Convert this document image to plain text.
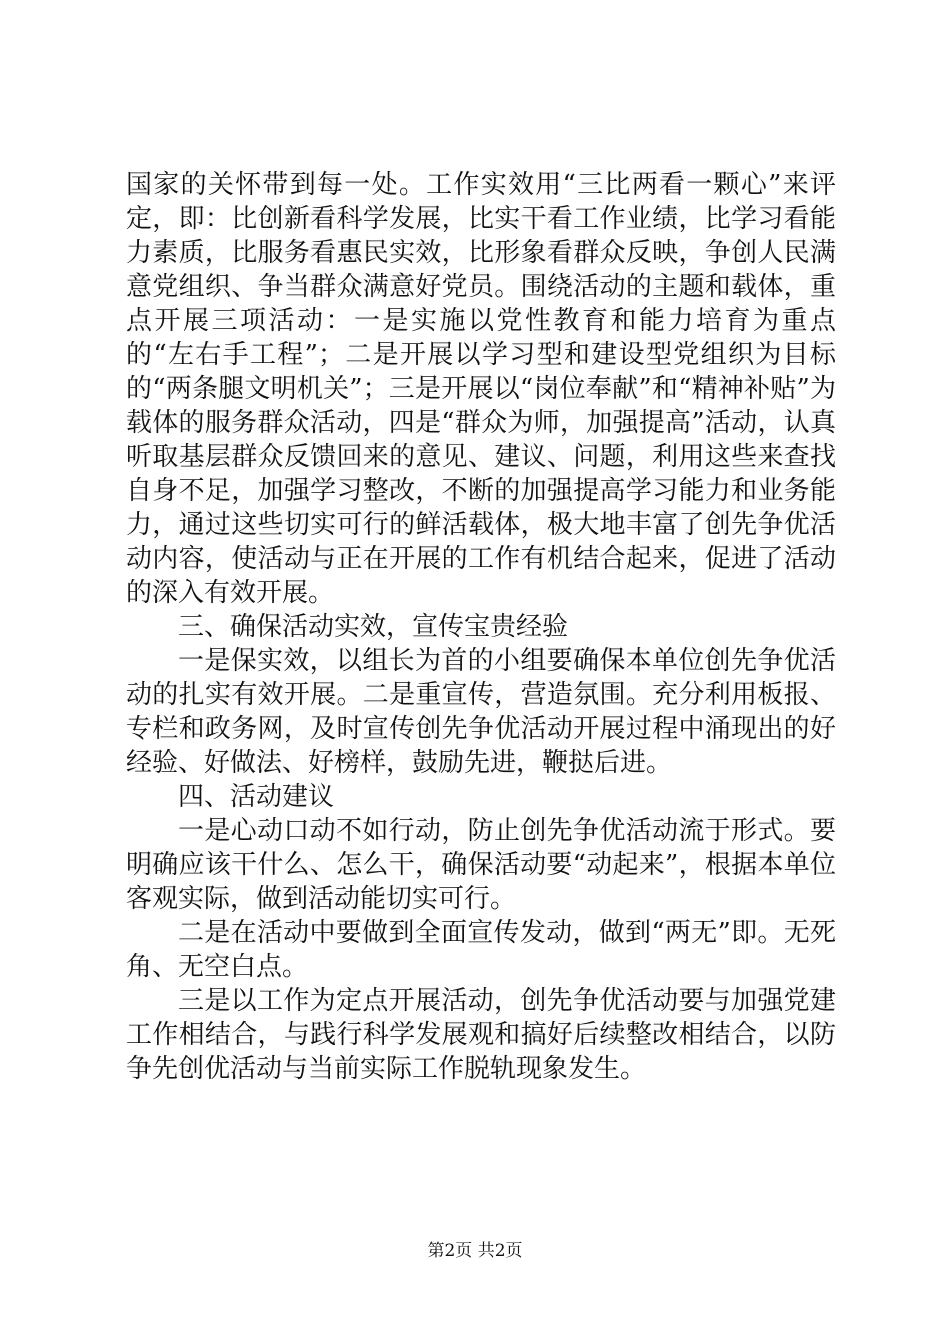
国家的关怀带到每一处。工作实效用“三比两看一颗心”来评定，即：比创新看科学发展，比实干看工作业绩，比学习看能力素质，比服务看惠民实效，比形象看群众反映，争创人民满意党组织、争当群众满意好党员。围绕活动的主题和载体，重点开展三项活动：一是实施以党性教育和能力培育为重点的“左右手工程”；二是开展以学习型和建设型党组织为目标的“两条腿文明机关”；三是开展以“岗位奉献”和“精神补贴”为载体的服务群众活动，四是“群众为师，加强提高”活动，认真听取基层群众反馈回来的意见、建议、问题，利用这些来查找自身不足，加强学习整改，不断的加强提高学习能力和业务能力，通过这些切实可行的鲜活载体，极大地丰富了创先争优活动内容，使活动与正在开展的工作有机结合起来，促进了活动的深入有效开展。

三、确保活动实效，宣传宝贵经验

一是保实效，以组长为首的小组要确保本单位创先争优活动的扎实有效开展。二是重宣传，营造氛围。充分利用板报、专栏和政务网，及时宣传创先争优活动开展过程中涌现出的好经验、好做法、好榜样，鼓励先进，鞭挞后进。

四、活动建议

一是心动口动不如行动，防止创先争优活动流于形式。要明确应该干什么、怎么干，确保活动要“动起来”，根据本单位客观实际，做到活动能切实可行。

二是在活动中要做到全面宣传发动，做到“两无”即。无死角、无空白点。

三是以工作为定点开展活动，创先争优活动要与加强党建工作相结合，与践行科学发展观和搞好后续整改相结合，以防争先创优活动与当前实际工作脱轨现象发生。

第2页 共2页
